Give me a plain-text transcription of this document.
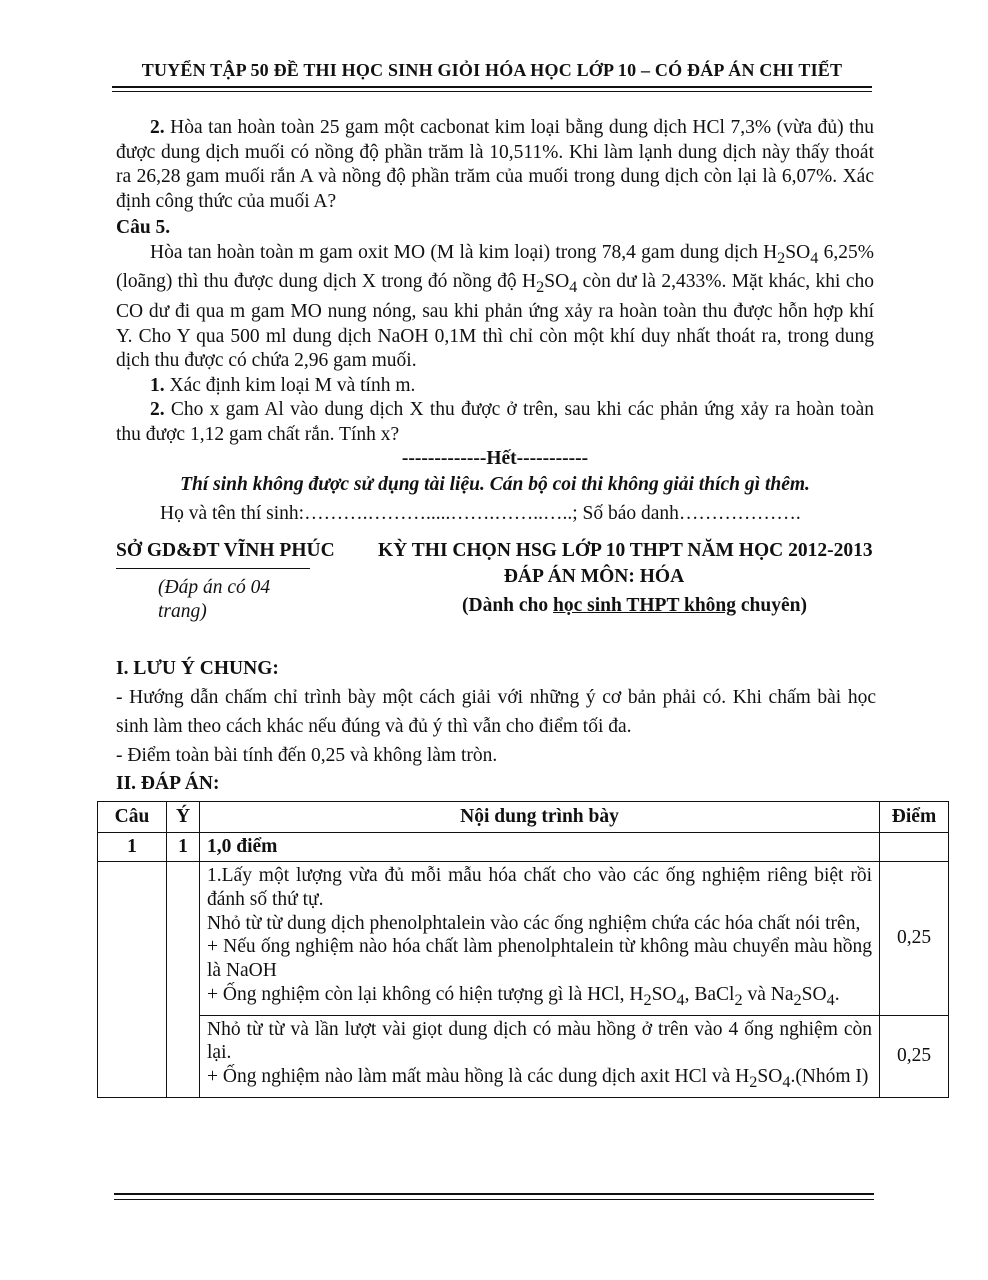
TUYỂN TẬP 50 ĐỀ THI HỌC SINH GIỎI HÓA HỌC LỚP 10 – CÓ ĐÁP ÁN CHI TIẾT

2. Hòa tan hoàn toàn 25 gam một cacbonat kim loại bằng dung dịch HCl 7,3% (vừa đủ) thu được dung dịch muối có nồng độ phần trăm là 10,511%. Khi làm lạnh dung dịch này thấy thoát ra 26,28 gam muối rắn A và nồng độ phần trăm của muối trong dung dịch còn lại là 6,07%. Xác định công thức của muối A?

Câu 5.

Hòa tan hoàn toàn m gam oxit MO (M là kim loại) trong 78,4 gam dung dịch $H_2SO_4$ 6,25% (loãng) thì thu được dung dịch X trong đó nồng độ $H_2SO_4$ còn dư là 2,433%. Mặt khác, khi cho CO dư đi qua m gam MO nung nóng, sau khi phản ứng xảy ra hoàn toàn thu được hỗn hợp khí Y. Cho Y qua 500 ml dung dịch NaOH 0,1M thì chỉ còn một khí duy nhất thoát ra, trong dung dịch thu được có chứa 2,96 gam muối.

1. Xác định kim loại M và tính m.

2. Cho x gam Al vào dung dịch X thu được ở trên, sau khi các phản ứng xảy ra hoàn toàn thu được 1,12 gam chất rắn. Tính x?

-------------Hết-----------

Thí sinh không được sử dụng tài liệu. Cán bộ coi thi không giải thích gì thêm.

Họ và tên thí sinh:……….……….....…….……..…..; Số báo danh……………….

SỞ GD&ĐT VĨNH PHÚC
(Đáp án có 04 trang)
KỲ THI CHỌN HSG LỚP 10 THPT NĂM HỌC 2012-2013
ĐÁP ÁN MÔN: HÓA
(Dành cho học sinh THPT không chuyên)

I. LƯU Ý CHUNG:

- Hướng dẫn chấm chỉ trình bày một cách giải với những ý cơ bản phải có. Khi chấm bài học sinh làm theo cách khác nếu đúng và đủ ý thì vẫn cho điểm tối đa.

- Điểm toàn bài tính đến 0,25 và không làm tròn.

II. ĐÁP ÁN:

Câu	Ý	Nội dung trình bày	Điểm
1	1	1,0 điểm	

		1.Lấy một lượng vừa đủ mỗi mẫu hóa chất cho vào các ống nghiệm riêng biệt rồi đánh số thứ tự.
Nhỏ từ từ dung dịch phenolphtalein vào các ống nghiệm chứa các hóa chất nói trên,
+ Nếu ống nghiệm nào hóa chất làm phenolphtalein từ không màu chuyển màu hồng là NaOH
+ Ống nghiệm còn lại không có hiện tượng gì là HCl, $H_2SO_4$, BaCl$_2$ và $Na_2SO_4$.	0,25

		Nhỏ từ từ và lần lượt vài giọt dung dịch có màu hồng ở trên vào 4 ống nghiệm còn lại.
+ Ống nghiệm nào làm mất màu hồng là các dung dịch axit HCl và $H_2SO_4.(Nhóm$ I)	0,25
